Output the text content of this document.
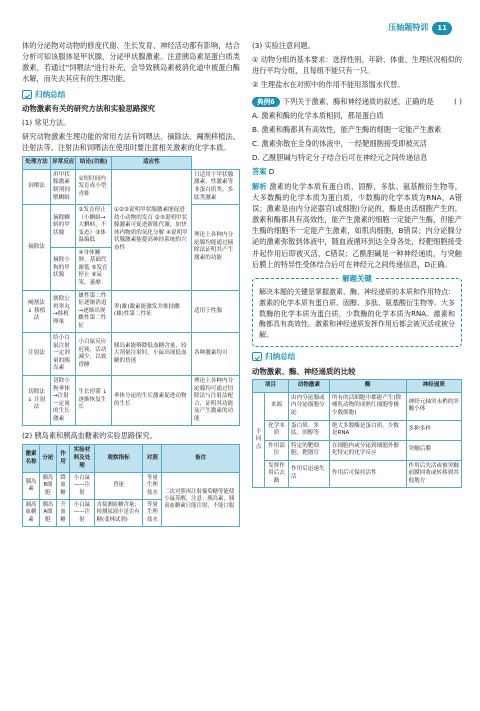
压轴题特训	11

体的分泌物对动物的修度代谢、生长发育、神经活动都有影响，结合分析可知该服体是甲状腺，分泌甲状腺激素。注意胰岛素是蛋白质类激素，若通过"饲喂法"进行补充，会导致胰岛素被消化道中被蛋白酶水解，而失去其应有的生理功能。

归纳总结
动物激素有关的研究方法和实验思路探究

(1) 常见方法。

研究动物激素生理功能的常用方法有饲喂法、摘除法、阉割移植法、注射法等。注射法和饲喂法在使用时要注意相关激素的化学本质。

处理方法	异常反应	结论(功能)	适应性	
饲喂法	用甲状腺激素制剂饲喂蝌蚪	①短时间内发育成小型青蛙	①②③说明甲状腺激素能促进幼小动物的发育 ②③说明甲状腺激素可促进新陈代谢，加快体内物质的氧化分解 ④说明甲状腺激素能提高神经系统的兴奋性	只适用于甲状腺激素、性激素等非蛋白质类、多肽类激素
摘除法	摘除蝌蚪的甲状腺	②发育停止（小蝌蚪→大蝌蚪，不变态）③体温偏低		理论上各种内分泌腺均能通过摘除法证明其产生激素的功能
	摘除小狗的甲状腺	④身体臃肿、基础代谢低 ⑤发育停止 ⑥呆笨、萎靡		
阉割法 ↓ 移植法	割除公鸡睾丸 →移植卵巢	雄性第二性征逐渐消退→逐渐出现雌性第二性征	睾(雄)激素能激发并维持雌(雄)性第二性征	适用于性腺
注射法	给小白鼠注射一定剂量的胰岛素	小白鼠反应迟钝、活动减少，以致昏睡	胰岛素能够降低血糖含量，较大剂量注射时，小鼠出现低血糖的昏迷	各种激素均可
切除法 ↓ 注射法	切除小狗垂体→注射一定量的生长激素	生长停滞 ↓ 逐渐恢复生长	垂体分泌的生长激素促进动物的生长	理论上各种内分泌腺均可通过切除法与注射法配合，证明其功能及产生激素的功能

(2) 胰岛素和胰高血糖素的实验思路探究。

激素名称	分泌	作用	实验材料及处理	观察指标	对照	备注
胰岛素	胰岛B细胞	降血糖	小白鼠——注射	昏迷	等量生理盐水	二次对照再注射葡萄糖等能使小鼠苏醒，注意：胰岛素、胰高血糖素只能注射，不能口服
胰高血糖素	胰岛A细胞	升血糖	小白鼠——注射	直接测血糖含量；检测尿液中是否有糖(斐林试剂)	等量生理盐水	

(3) 实验注意问题。

① 动物分组的基本要求：选择性别、年龄、体重、生理状况相似的进行平均分组，且每组不能只有一只。

② 生理盐水在对照中的作用不能用蒸馏水代替。

典例6 下列关于激素、酶和神经递质的叙述，正确的是	( )

A. 激素和酶的化学本质相同，都是蛋白质

B. 激素和酶都具有高效性，能产生酶的细胞一定能产生激素

C. 激素弥散在全身的体液中，一经靶细胞接受即被灭活

D. 乙酰胆碱与特定分子结合后可在神经元之间传递信息

答案 D

解析 激素的化学本质有蛋白质、固醇、多肽、氨基酸衍生物等，大多数酶的化学本质为蛋白质，少数酶的化学本质为RNA，A错误；激素是由内分泌器官(或细胞)分泌的，酶是由活细胞产生的，激素和酶都具有高效性，能产生激素的细胞一定能产生酶，但能产生酶的细胞不一定能产生激素，如肌肉细胞，B错误；内分泌腺分泌的激素弥散到体液中，随血液循环到达全身各处，经靶细胞接受并起作用后即被灭活，C错误；乙酰胆碱是一种神经递质，与突触后膜上的特异性受体结合后可在神经元之间传递信息，D正确。

解题关键

解决本题的关键是掌握激素、酶、神经递质的本质和作用特点：激素的化学本质有蛋白质、固醇、多肽、氨基酸衍生物等。大多数酶的化学本质为蛋白质，少数酶的化学本质为RNA。激素和酶都具有高效性。激素和神经递质发挥作用后都会被灭活或被分解。

归纳总结
动物激素、酶、神经递质的比较
项目		动物激素	酶	神经递质
不同点	来源	由内分泌腺或内分泌细胞分泌	所有的活细胞中都能产生(除哺乳动物的成熟红细胞等极少数细胞)	神经元轴突末梢的突触小体
	化学本质	蛋白质、多肽、固醇等	绝大多数酶是蛋白质，少数是RNA	多种多样
	作用部位	特定的靶细胞、靶器官	在细胞内或分泌到细胞外催化特定的化学反应	突触后膜
	发挥作用后去路	作用后迅速失活	作用后可保持活性	作用后失活或被突触前膜回收或转移到其他地方
